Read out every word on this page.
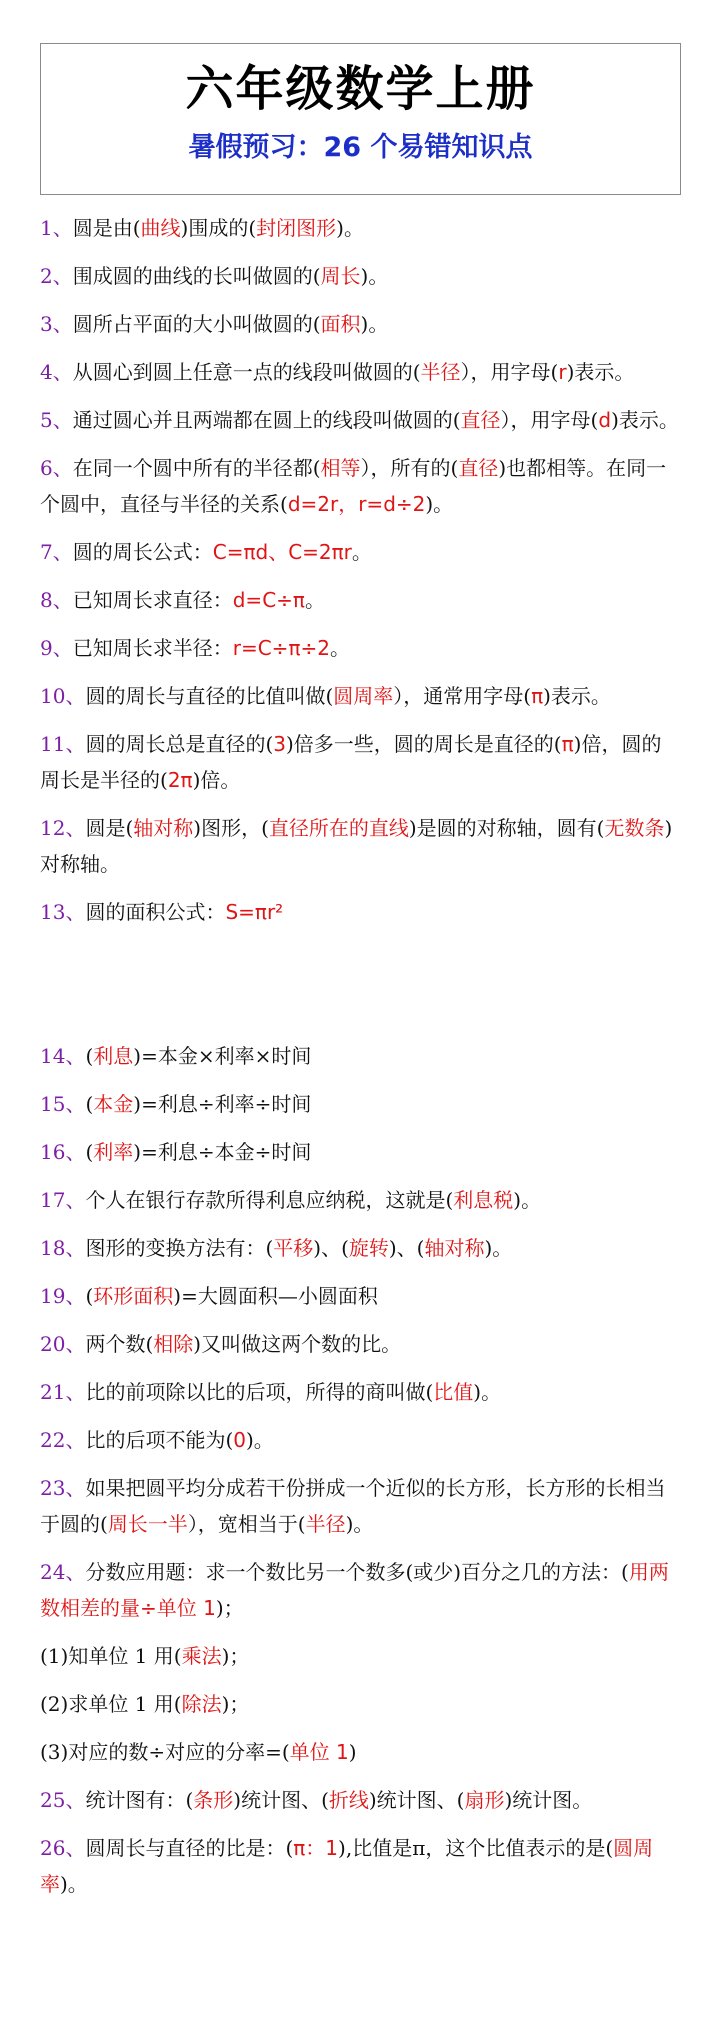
六年级数学上册
暑假预习：26 个易错知识点
1、圆是由(曲线)围成的(封闭图形)。
2、围成圆的曲线的长叫做圆的(周长)。
3、圆所占平面的大小叫做圆的(面积)。
4、从圆心到圆上任意一点的线段叫做圆的(半径），用字母(r)表示。
5、通过圆心并且两端都在圆上的线段叫做圆的(直径），用字母(d)表示。
6、在同一个圆中所有的半径都(相等），所有的(直径)也都相等。在同一个圆中，直径与半径的关系(d=2r，r=d÷2)。
7、圆的周长公式：C=πd、C=2πr。
8、已知周长求直径：d=C÷π。
9、已知周长求半径：r=C÷π÷2。
10、圆的周长与直径的比值叫做(圆周率），通常用字母(π)表示。
11、圆的周长总是直径的(3)倍多一些，圆的周长是直径的(π)倍，圆的周长是半径的(2π)倍。
12、圆是(轴对称)图形，(直径所在的直线)是圆的对称轴，圆有(无数条)对称轴。
13、圆的面积公式：S=πr²
14、(利息)=本金×利率×时间
15、(本金)=利息÷利率÷时间
16、(利率)=利息÷本金÷时间
17、个人在银行存款所得利息应纳税，这就是(利息税)。
18、图形的变换方法有：(平移)、(旋转)、(轴对称)。
19、(环形面积)=大圆面积—小圆面积
20、两个数(相除)又叫做这两个数的比。
21、比的前项除以比的后项，所得的商叫做(比值)。
22、比的后项不能为(0)。
23、如果把圆平均分成若干份拼成一个近似的长方形，长方形的长相当于圆的(周长一半），宽相当于(半径)。
24、分数应用题：求一个数比另一个数多(或少)百分之几的方法：(用两数相差的量÷单位 1)；
(1)知单位 1 用(乘法)；
(2)求单位 1 用(除法)；
(3)对应的数÷对应的分率=(单位 1)
25、统计图有：(条形)统计图、(折线)统计图、(扇形)统计图。
26、圆周长与直径的比是：(π：1),比值是π，这个比值表示的是(圆周率)。
